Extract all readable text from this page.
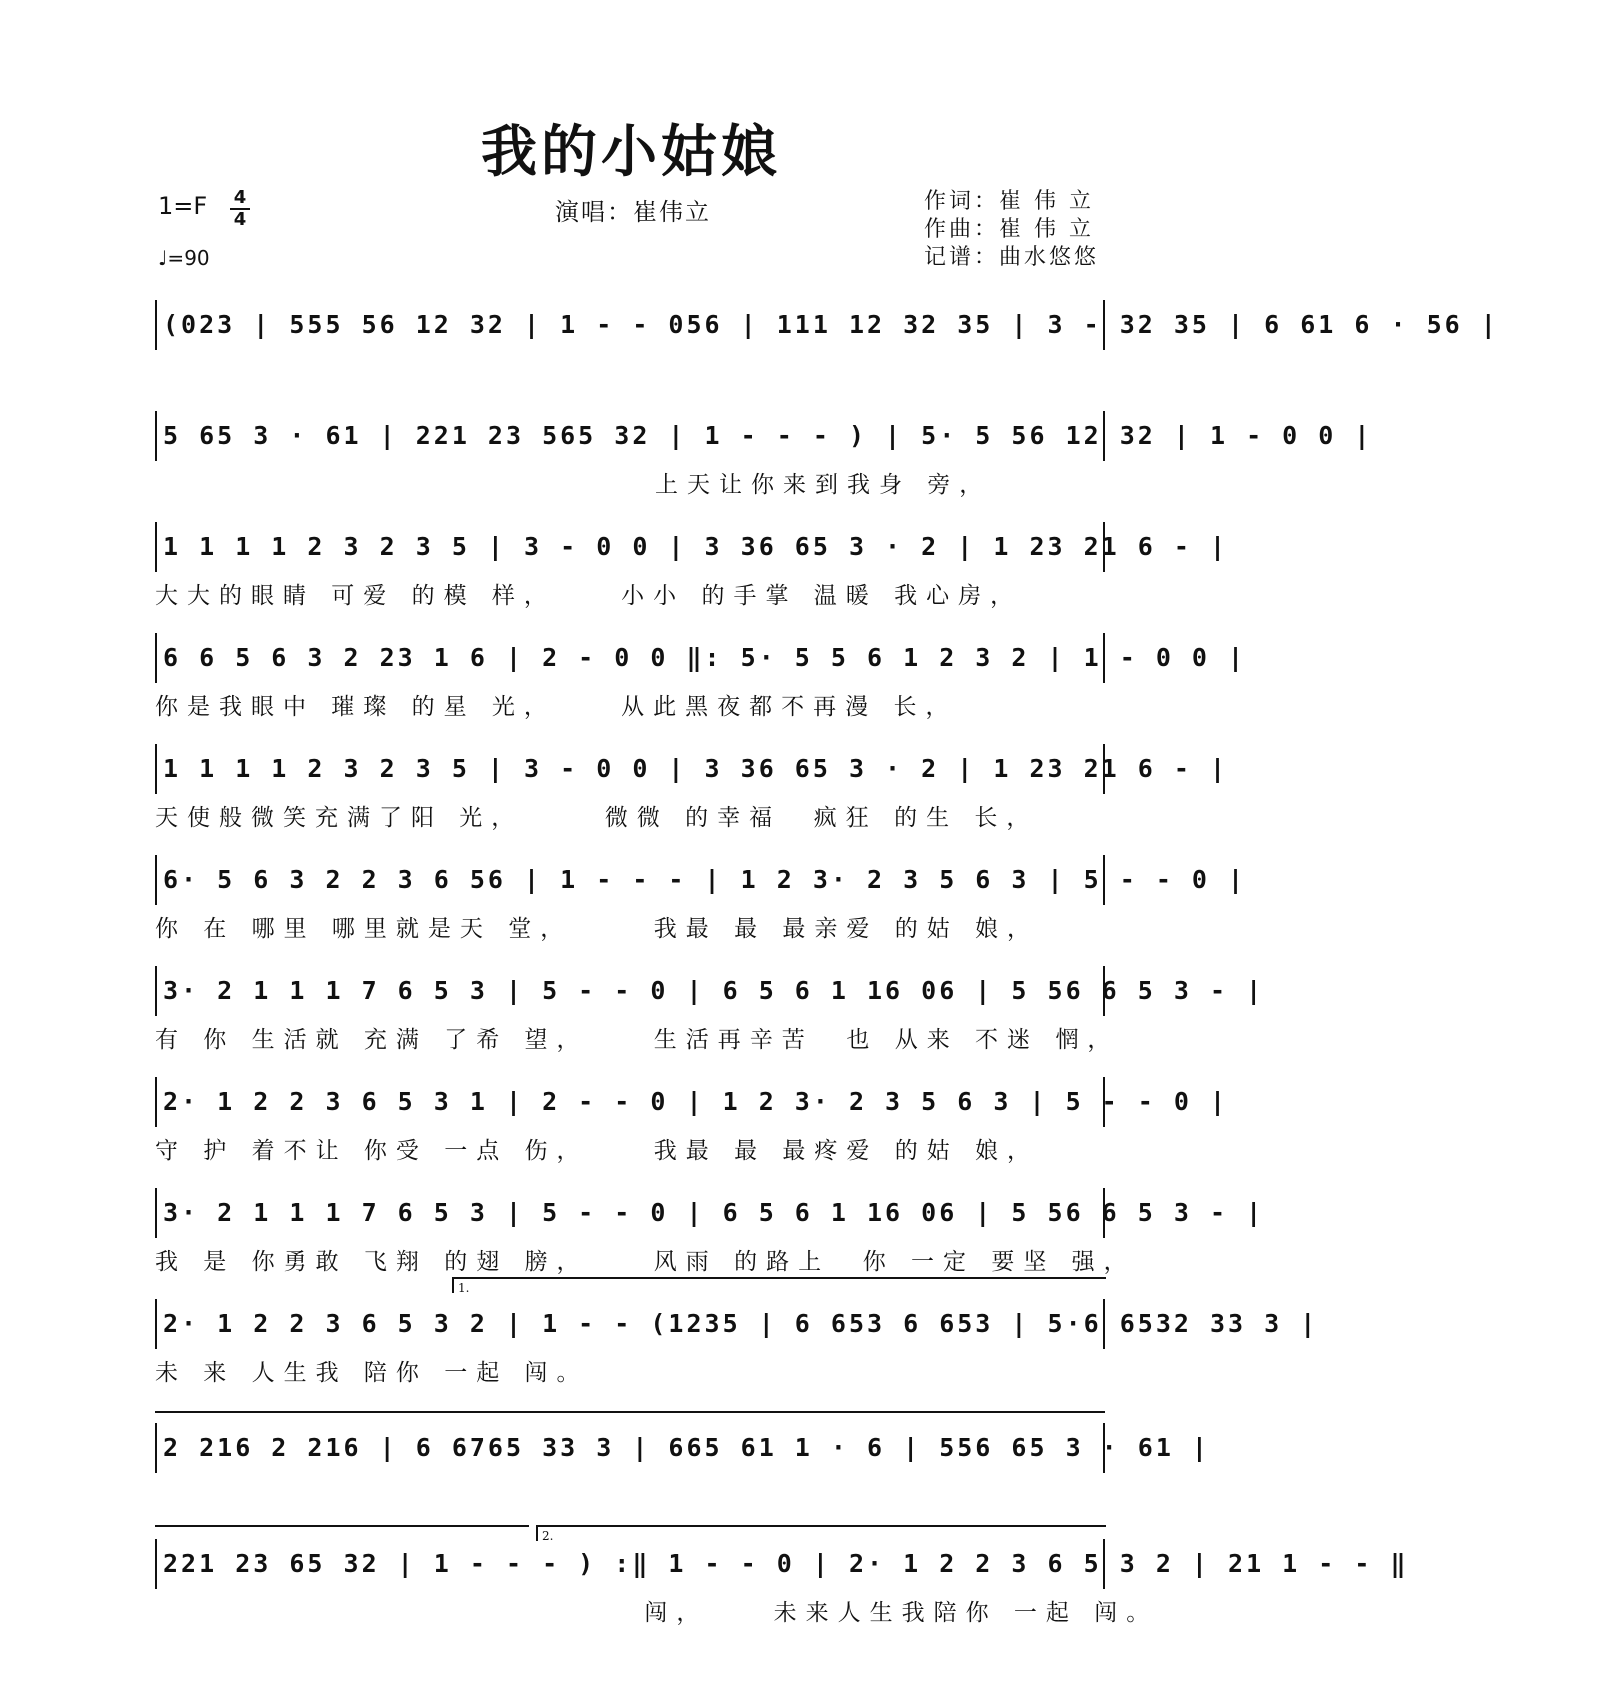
我的小姑娘
1=F 4
4
♩=90
演唱：崔伟立	作词：崔 伟 立
作曲：崔 伟 立
记谱：曲水悠悠
(023 | 555 56 12 32 | 1 - - 056 | 111 12 32 35 | 3 - 32 35 | 6 61 6 · 56 |
5 65 3 · 61 | 221 23 565 32 | 1 - - - ) | 5· 5 56 12 32 | 1 - 0 0 |
上天让你来到我身 旁，
1 1 1 1 2 3 2 3 5 | 3 - 0 0 | 3 36 65 3 · 2 | 1 23 21 6 - |
大大的眼睛 可爱 的模 样，    小小 的手掌 温暖 我心房，
6 6 5 6 3 2 23 1 6 | 2 - 0 0 ‖: 5· 5 5 6 1 2 3 2 | 1 - 0 0 |
你是我眼中 璀璨 的星 光，    从此黑夜都不再漫 长，
1 1 1 1 2 3 2 3 5 | 3 - 0 0 | 3 36 65 3 · 2 | 1 23 21 6 - |
天使般微笑充满了阳 光，     微微 的幸福  疯狂 的生 长，
6· 5 6 3 2 2 3 6 56 | 1 - - - | 1 2 3· 2 3 5 6 3 | 5 - - 0 |
你 在 哪里 哪里就是天 堂，     我最 最 最亲爱 的姑 娘，
3· 2 1 1 1 7 6 5 3 | 5 - - 0 | 6 5 6 1 16 06 | 5 56 6 5 3 - |
有 你 生活就 充满 了希 望，    生活再辛苦  也 从来 不迷 惘，
2· 1 2 2 3 6 5 3 1 | 2 - - 0 | 1 2 3· 2 3 5 6 3 | 5 - - 0 |
守 护 着不让 你受 一点 伤，    我最 最 最疼爱 的姑 娘，
3· 2 1 1 1 7 6 5 3 | 5 - - 0 | 6 5 6 1 16 06 | 5 56 6 5 3 - |
我 是 你勇敢 飞翔 的翅 膀，    风雨 的路上  你 一定 要坚 强，
1.
2· 1 2 2 3 6 5 3 2 | 1 - - (1235 | 6 653 6 653 | 5·6 6532 33 3 |
未 来 人生我 陪你 一起 闯。
2 216 2 216 | 6 6765 33 3 | 665 61 1 · 6 | 556 65 3 · 61 |
2.
221 23 65 32 | 1 - - - ) :‖ 1 - - 0 | 2· 1 2 2 3 6 5 3 2 | 21 1 - - ‖
闯，    未来人生我陪你 一起 闯。
